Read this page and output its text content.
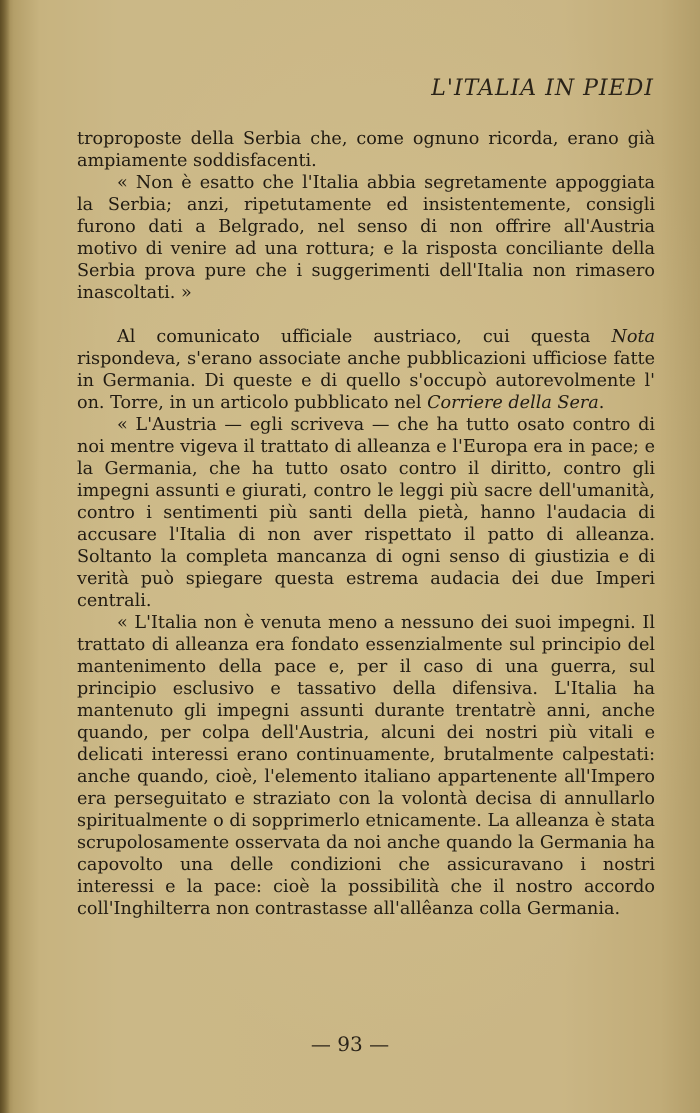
L'ITALIA IN PIEDI

troproposte della Serbia che, come ognuno ricorda, erano già ampiamente soddisfacenti.

« Non è esatto che l'Italia abbia segretamente appoggiata la Serbia; anzi, ripetutamente ed insistentemente, consigli furono dati a Belgrado, nel senso di non offrire all'Austria motivo di venire ad una rottura; e la risposta conciliante della Serbia prova pure che i suggerimenti dell'Italia non rimasero inascoltati. »

Al comunicato ufficiale austriaco, cui questa Nota rispondeva, s'erano associate anche pubblicazioni ufficiose fatte in Germania. Di queste e di quello s'occupò autorevolmente l' on. Torre, in un articolo pubblicato nel Corriere della Sera.

« L'Austria — egli scriveva — che ha tutto osato contro di noi mentre vigeva il trattato di alleanza e l'Europa era in pace; e la Germania, che ha tutto osato contro il diritto, contro gli impegni assunti e giurati, contro le leggi più sacre dell'umanità, contro i sentimenti più santi della pietà, hanno l'audacia di accusare l'Italia di non aver rispettato il patto di alleanza. Soltanto la completa mancanza di ogni senso di giustizia e di verità può spiegare questa estrema audacia dei due Imperi centrali.

« L'Italia non è venuta meno a nessuno dei suoi impegni. Il trattato di alleanza era fondato essenzialmente sul principio del mantenimento della pace e, per il caso di una guerra, sul principio esclusivo e tassativo della difensiva. L'Italia ha mantenuto gli impegni assunti durante trentatrè anni, anche quando, per colpa dell'Austria, alcuni dei nostri più vitali e delicati interessi erano continuamente, brutalmente calpestati: anche quando, cioè, l'elemento italiano appartenente all'Impero era perseguitato e straziato con la volontà decisa di annullarlo spiritualmente o di sopprimerlo etnicamente. La alleanza è stata scrupolosamente osservata da noi anche quando la Germania ha capovolto una delle condizioni che assicuravano i nostri interessi e la pace: cioè la possibilità che il nostro accordo coll'Inghilterra non contrastasse all'allêanza colla Germania.

— 93 —
